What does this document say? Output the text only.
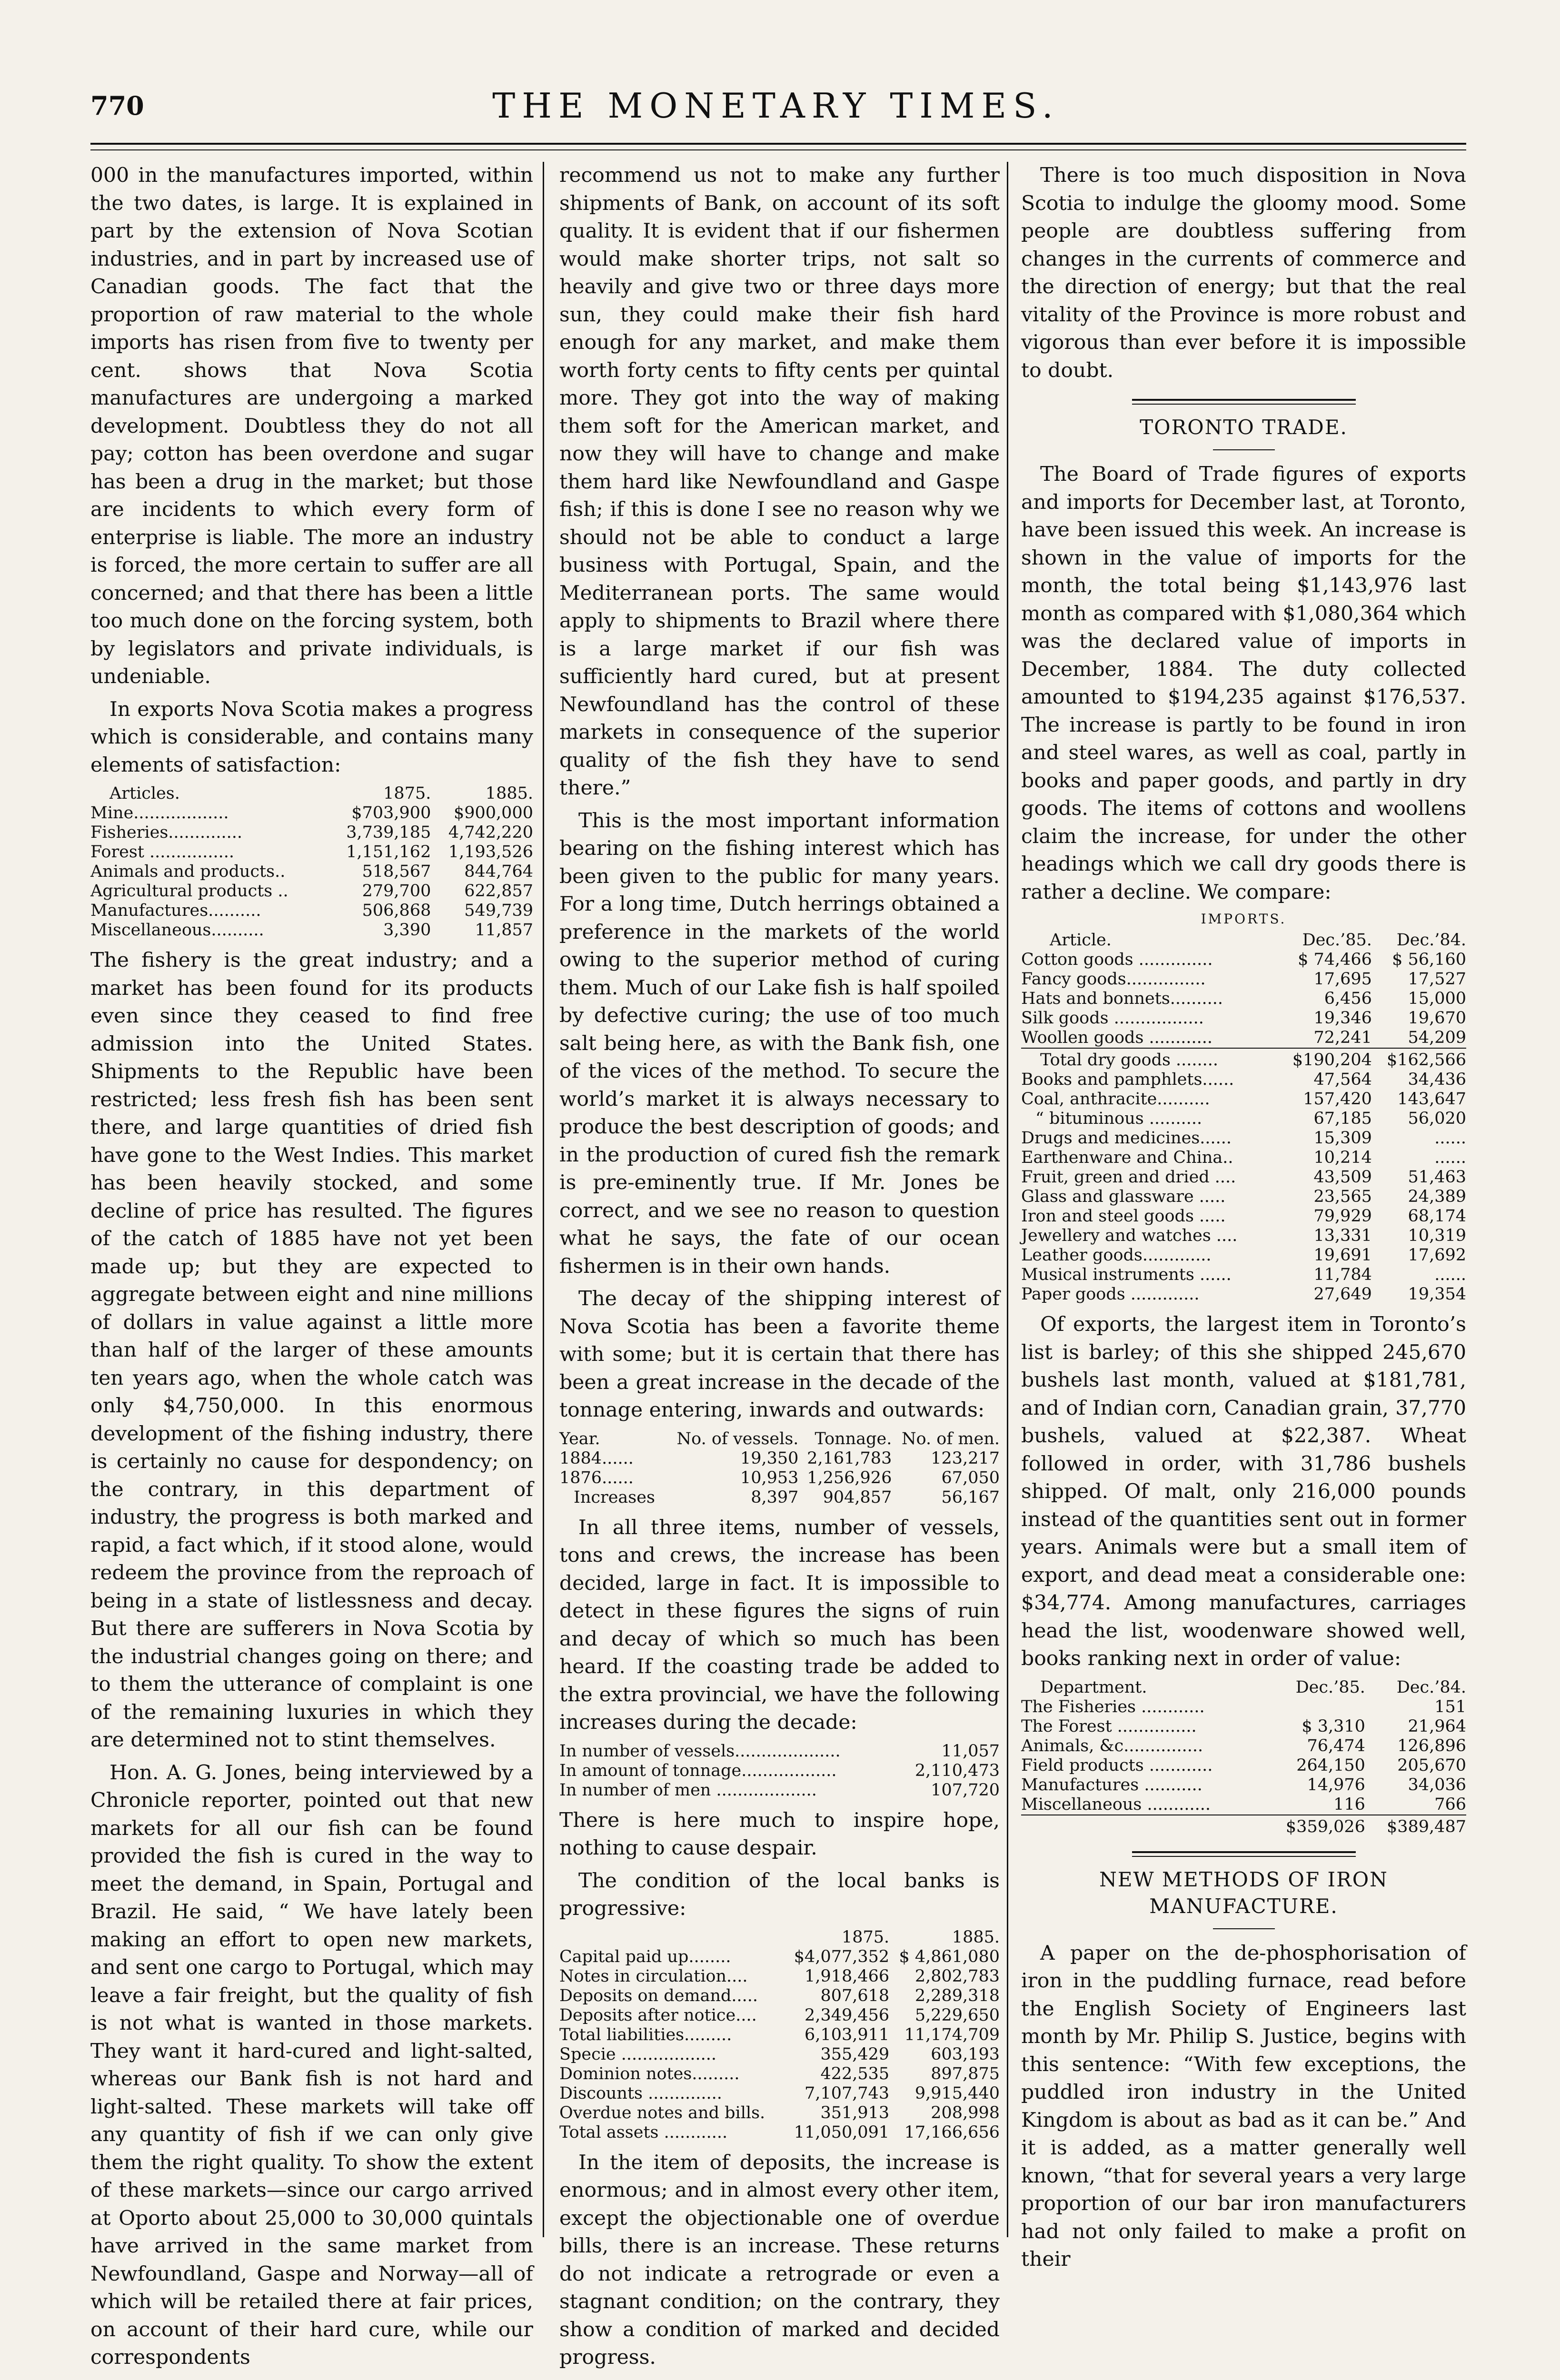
770	THE MONETARY TIMES.

000 in the manufactures imported, within the two dates, is large. It is explained in part by the extension of Nova Scotian industries, and in part by increased use of Canadian goods. The fact that the proportion of raw material to the whole imports has risen from five to twenty per cent. shows that Nova Scotia manufactures are undergoing a marked development. Doubtless they do not all pay; cotton has been overdone and sugar has been a drug in the market; but those are incidents to which every form of enterprise is liable. The more an industry is forced, the more certain to suffer are all concerned; and that there has been a little too much done on the forcing system, both by legislators and private individuals, is undeniable.

In exports Nova Scotia makes a progress which is considerable, and contains many elements of satisfaction:

Articles.	1875.	1885.
Mine..................	$703,900	$900,000
Fisheries..............	3,739,185	4,742,220
Forest ................	1,151,162	1,193,526
Animals and products..	518,567	844,764
Agricultural products ..	279,700	622,857
Manufactures..........	506,868	549,739
Miscellaneous..........	3,390	11,857

The fishery is the great industry; and a market has been found for its products even since they ceased to find free admission into the United States. Shipments to the Republic have been restricted; less fresh fish has been sent there, and large quantities of dried fish have gone to the West Indies. This market has been heavily stocked, and some decline of price has resulted. The figures of the catch of 1885 have not yet been made up; but they are expected to aggregate between eight and nine millions of dollars in value against a little more than half of the larger of these amounts ten years ago, when the whole catch was only $4,750,000. In this enormous development of the fishing industry, there is certainly no cause for despondency; on the contrary, in this department of industry, the progress is both marked and rapid, a fact which, if it stood alone, would redeem the province from the reproach of being in a state of listlessness and decay. But there are sufferers in Nova Scotia by the industrial changes going on there; and to them the utterance of complaint is one of the remaining luxuries in which they are determined not to stint themselves.

Hon. A. G. Jones, being interviewed by a Chronicle reporter, pointed out that new markets for all our fish can be found provided the fish is cured in the way to meet the demand, in Spain, Portugal and Brazil. He said, “ We have lately been making an effort to open new markets, and sent one cargo to Portugal, which may leave a fair freight, but the quality of fish is not what is wanted in those markets. They want it hard-cured and light-salted, whereas our Bank fish is not hard and light-salted. These markets will take off any quantity of fish if we can only give them the right quality. To show the extent of these markets—since our cargo arrived at Oporto about 25,000 to 30,000 quintals have arrived in the same market from Newfoundland, Gaspe and Norway—all of which will be retailed there at fair prices, on account of their hard cure, while our correspondents

recommend us not to make any further shipments of Bank, on account of its soft quality. It is evident that if our fishermen would make shorter trips, not salt so heavily and give two or three days more sun, they could make their fish hard enough for any market, and make them worth forty cents to fifty cents per quintal more. They got into the way of making them soft for the American market, and now they will have to change and make them hard like Newfoundland and Gaspe fish; if this is done I see no reason why we should not be able to conduct a large business with Portugal, Spain, and the Mediterranean ports. The same would apply to shipments to Brazil where there is a large market if our fish was sufficiently hard cured, but at present Newfoundland has the control of these markets in consequence of the superior quality of the fish they have to send there.”

This is the most important information bearing on the fishing interest which has been given to the public for many years. For a long time, Dutch herrings obtained a preference in the markets of the world owing to the superior method of curing them. Much of our Lake fish is half spoiled by defective curing; the use of too much salt being here, as with the Bank fish, one of the vices of the method. To secure the world’s market it is always necessary to produce the best description of goods; and in the production of cured fish the remark is pre-eminently true. If Mr. Jones be correct, and we see no reason to question what he says, the fate of our ocean fishermen is in their own hands.

The decay of the shipping interest of Nova Scotia has been a favorite theme with some; but it is certain that there has been a great increase in the decade of the tonnage entering, inwards and outwards:

Year.	No. of vessels.	Tonnage.	No. of men.
1884......	19,350	2,161,783	123,217
1876......	10,953	1,256,926	67,050
Increases	8,397	904,857	56,167

In all three items, number of vessels, tons and crews, the increase has been decided, large in fact. It is impossible to detect in these figures the signs of ruin and decay of which so much has been heard. If the coasting trade be added to the extra provincial, we have the following increases during the decade:

In number of vessels....................	11,057
In amount of tonnage..................	2,110,473
In number of men ...................	107,720

There is here much to inspire hope, nothing to cause despair.

The condition of the local banks is progressive:

	1875.	1885.
Capital paid up........	$4,077,352	$ 4,861,080
Notes in circulation....	1,918,466	2,802,783
Deposits on demand.....	807,618	2,289,318
Deposits after notice....	2,349,456	5,229,650
Total liabilities.........	6,103,911	11,174,709
Specie ..................	355,429	603,193
Dominion notes.........	422,535	897,875
Discounts ..............	7,107,743	9,915,440
Overdue notes and bills.	351,913	208,998
Total assets ............	11,050,091	17,166,656

In the item of deposits, the increase is enormous; and in almost every other item, except the objectionable one of overdue bills, there is an increase. These returns do not indicate a retrograde or even a stagnant condition; on the contrary, they show a condition of marked and decided progress.

There is too much disposition in Nova Scotia to indulge the gloomy mood. Some people are doubtless suffering from changes in the currents of commerce and the direction of energy; but that the real vitality of the Province is more robust and vigorous than ever before it is impossible to doubt.

TORONTO TRADE.

The Board of Trade figures of exports and imports for December last, at Toronto, have been issued this week. An increase is shown in the value of imports for the month, the total being $1,143,976 last month as compared with $1,080,364 which was the declared value of imports in December, 1884. The duty collected amounted to $194,235 against $176,537. The increase is partly to be found in iron and steel wares, as well as coal, partly in books and paper goods, and partly in dry goods. The items of cottons and woollens claim the increase, for under the other headings which we call dry goods there is rather a decline. We compare:

IMPORTS.
Article.	Dec.’85.	Dec.’84.
Cotton goods ..............	$ 74,466	$ 56,160
Fancy goods...............	17,695	17,527
Hats and bonnets..........	6,456	15,000
Silk goods .................	19,346	19,670
Woollen goods ............	72,241	54,209
Total dry goods ........	$190,204	$162,566
Books and pamphlets......	47,564	34,436
Coal, anthracite..........	157,420	143,647
“ bituminous ..........	67,185	56,020
Drugs and medicines......	15,309	......
Earthenware and China..	10,214	......
Fruit, green and dried ....	43,509	51,463
Glass and glassware .....	23,565	24,389
Iron and steel goods .....	79,929	68,174
Jewellery and watches ....	13,331	10,319
Leather goods.............	19,691	17,692
Musical instruments ......	11,784	......
Paper goods .............	27,649	19,354

Of exports, the largest item in Toronto’s list is barley; of this she shipped 245,670 bushels last month, valued at $181,781, and of Indian corn, Canadian grain, 37,770 bushels, valued at $22,387. Wheat followed in order, with 31,786 bushels shipped. Of malt, only 216,000 pounds instead of the quantities sent out in former years. Animals were but a small item of export, and dead meat a considerable one: $34,774. Among manufactures, carriages head the list, woodenware showed well, books ranking next in order of value:

Department.	Dec.’85.	Dec.’84.
The Fisheries ............		151
The Forest ...............	$ 3,310	21,964
Animals, &c...............	76,474	126,896
Field products ............	264,150	205,670
Manufactures ...........	14,976	34,036
Miscellaneous ............	116	766
	$359,026	$389,487
NEW METHODS OF IRON MANUFACTURE.

A paper on the de-phosphorisation of iron in the puddling furnace, read before the English Society of Engineers last month by Mr. Philip S. Justice, begins with this sentence: “With few exceptions, the puddled iron industry in the United Kingdom is about as bad as it can be.” And it is added, as a matter generally well known, “that for several years a very large proportion of our bar iron manufacturers had not only failed to make a profit on their
